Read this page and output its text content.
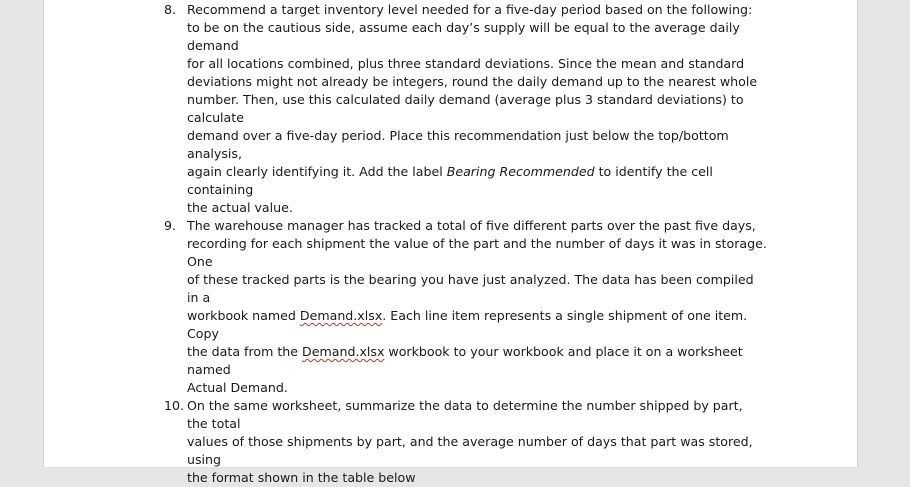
8. Recommend a target inventory level needed for a five-day period based on the following:
to be on the cautious side, assume each day’s supply will be equal to the average daily demand
for all locations combined, plus three standard deviations. Since the mean and standard
deviations might not already be integers, round the daily demand up to the nearest whole
number. Then, use this calculated daily demand (average plus 3 standard deviations) to calculate
demand over a five-day period. Place this recommendation just below the top/bottom analysis,
again clearly identifying it. Add the label Bearing Recommended to identify the cell containing
the actual value.
9. The warehouse manager has tracked a total of five different parts over the past five days,
recording for each shipment the value of the part and the number of days it was in storage. One
of these tracked parts is the bearing you have just analyzed. The data has been compiled in a
workbook named Demand.xlsx. Each line item represents a single shipment of one item. Copy
the data from the Demand.xlsx workbook to your workbook and place it on a worksheet named
Actual Demand.
10. On the same worksheet, summarize the data to determine the number shipped by part, the total
values of those shipments by part, and the average number of days that part was stored, using
the format shown in the table below
